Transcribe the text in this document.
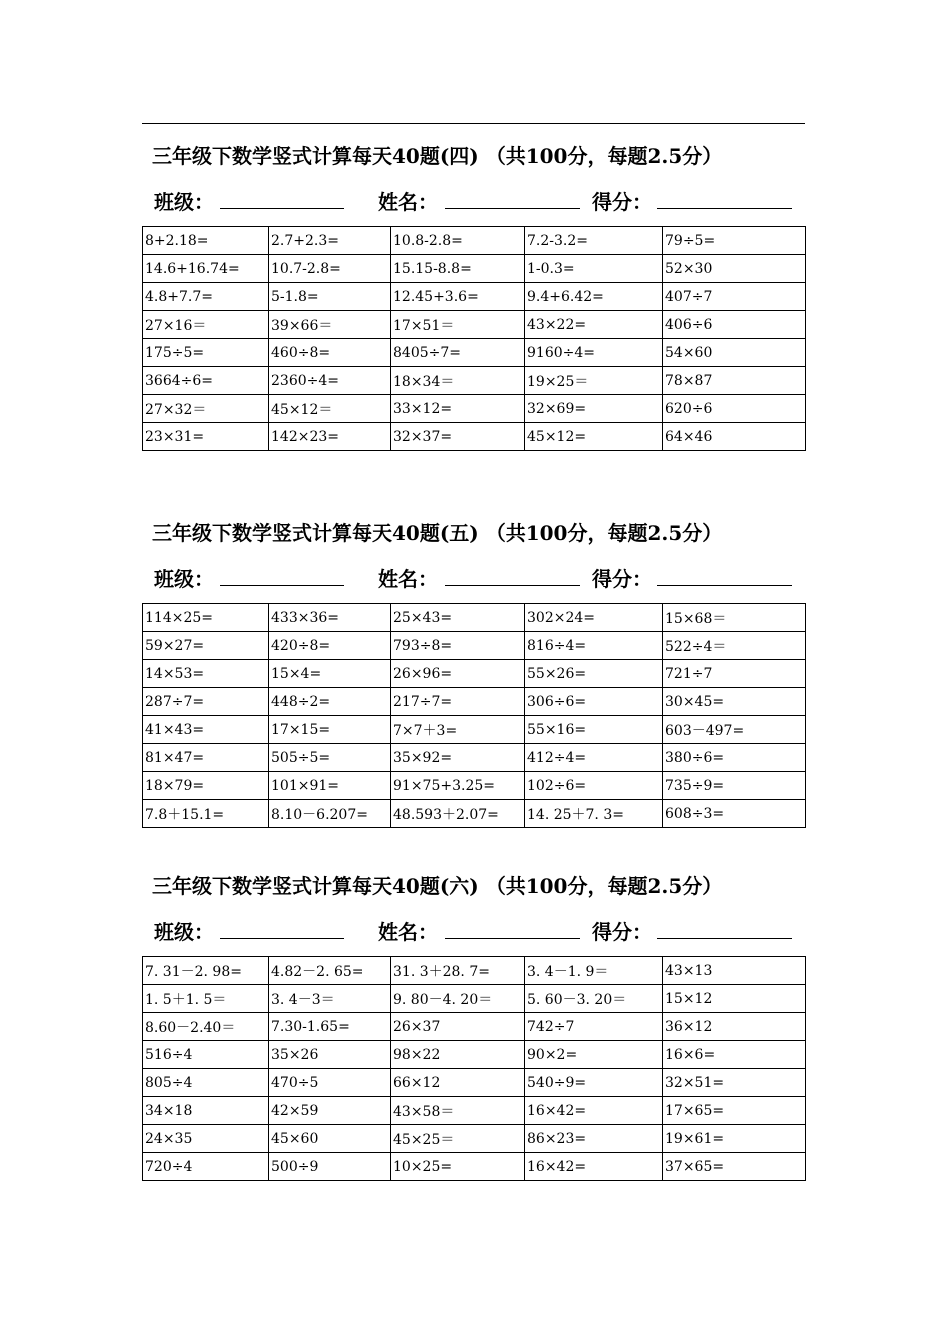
三年级下数学竖式计算每天40题(四) （共100分，每题2.5分）
班级：	姓名：	得分：
8+2.18=	2.7+2.3=	10.8-2.8=	7.2-3.2=	79÷5=
14.6+16.74=	10.7-2.8=	15.15-8.8=	1-0.3=	52×30
4.8+7.7=	5-1.8=	12.45+3.6=	9.4+6.42=	407÷7
27×16＝	39×66＝	17×51＝	43×22=	406÷6
175÷5=	460÷8=	8405÷7=	9160÷4=	54×60
3664÷6=	2360÷4=	18×34＝	19×25＝	78×87
27×32＝	45×12＝	33×12=	32×69=	620÷6
23×31=	142×23=	32×37=	45×12=	64×46
三年级下数学竖式计算每天40题(五) （共100分，每题2.5分）
班级：	姓名：	得分：
114×25=	433×36=	25×43=	302×24=	15×68＝
59×27=	420÷8=	793÷8=	816÷4=	522÷4＝
14×53=	15×4=	26×96=	55×26=	721÷7
287÷7=	448÷2=	217÷7=	306÷6=	30×45=
41×43=	17×15=	7×7＋3=	55×16=	603－497=
81×47=	505÷5=	35×92=	412÷4=	380÷6=
18×79=	101×91=	91×75+3.25=	102÷6=	735÷9=
7.8＋15.1=	8.10－6.207=	48.593＋2.07=	14. 25＋7. 3=	608÷3=
三年级下数学竖式计算每天40题(六) （共100分，每题2.5分）
班级：	姓名：	得分：
7. 31－2. 98=	4.82－2. 65=	31. 3＋28. 7=	3. 4－1. 9＝	43×13
1. 5＋1. 5＝	3. 4－3＝	9. 80－4. 20＝	5. 60－3. 20＝	15×12
8.60－2.40＝	7.30-1.65=	26×37	742÷7	36×12
516÷4	35×26	98×22	90×2=	16×6=
805÷4	470÷5	66×12	540÷9=	32×51=
34×18	42×59	43×58＝	16×42=	17×65=
24×35	45×60	45×25＝	86×23=	19×61=
720÷4	500÷9	10×25=	16×42=	37×65=
